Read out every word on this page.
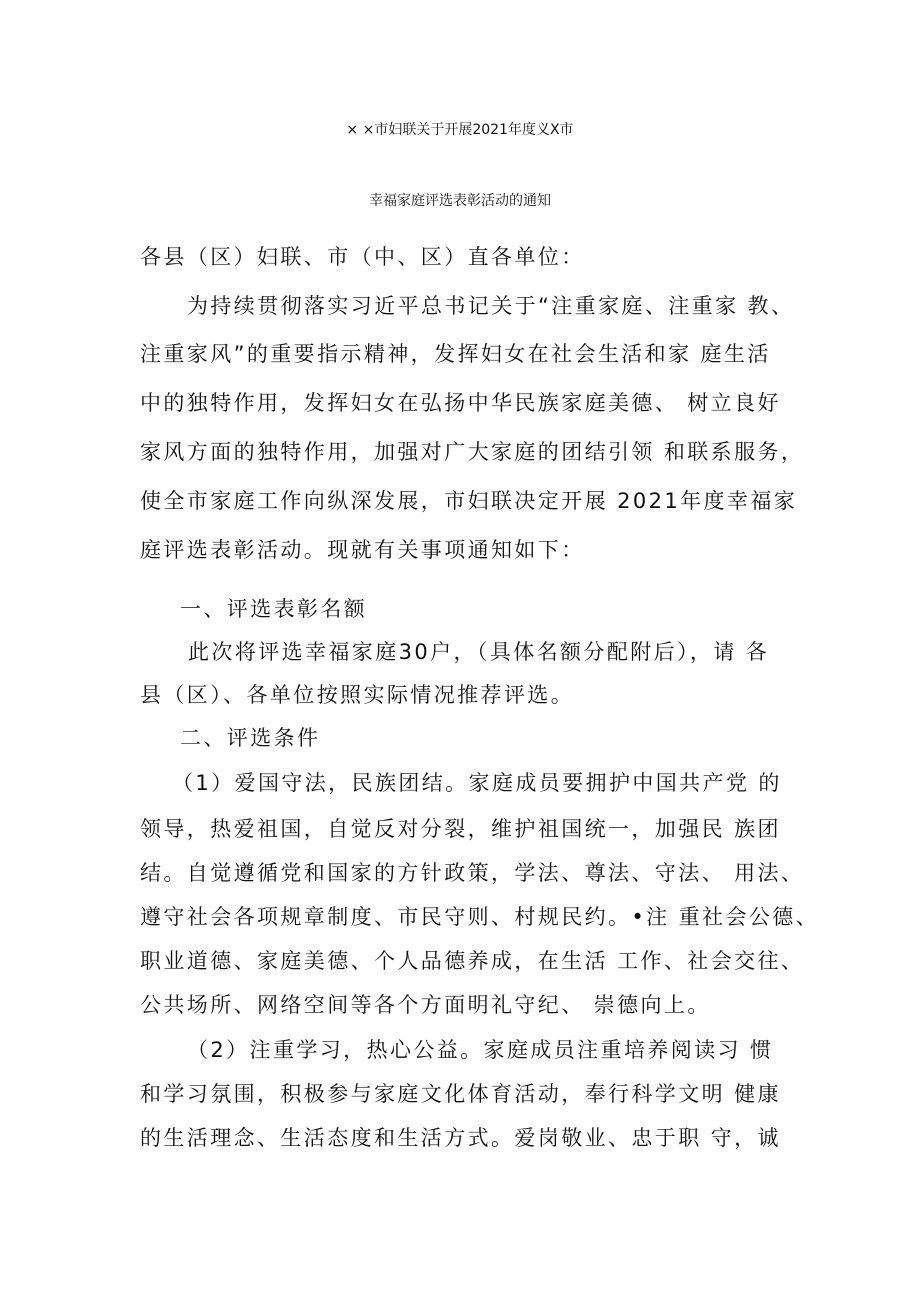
× ×市妇联关于开展2021年度义X市
幸福家庭评选表彰活动的通知
各县（区）妇联、市（中、区）直各单位：
为持续贯彻落实习近平总书记关于“注重家庭、注重家 教、
注重家风”的重要指示精神，发挥妇女在社会生活和家 庭生活
中的独特作用，发挥妇女在弘扬中华民族家庭美德、 树立良好
家风方面的独特作用，加强对广大家庭的团结引领 和联系服务，
使全市家庭工作向纵深发展，市妇联决定开展 2021年度幸福家
庭评选表彰活动。现就有关事项通知如下：
一、评选表彰名额
此次将评选幸福家庭30户，（具体名额分配附后），请 各
县（区）、各单位按照实际情况推荐评选。
二、评选条件
（1）爱国守法，民族团结。家庭成员要拥护中国共产党 的
领导，热爱祖国，自觉反对分裂，维护祖国统一，加强民 族团
结。自觉遵循党和国家的方针政策，学法、尊法、守法、 用法、
遵守社会各项规章制度、市民守则、村规民约。•注 重社会公德、
职业道德、家庭美德、个人品德养成，在生活 工作、社会交往、
公共场所、网络空间等各个方面明礼守纪、 崇德向上。
（2）注重学习，热心公益。家庭成员注重培养阅读习 惯
和学习氛围，积极参与家庭文化体育活动，奉行科学文明 健康
的生活理念、生活态度和生活方式。爱岗敬业、忠于职 守，诚
